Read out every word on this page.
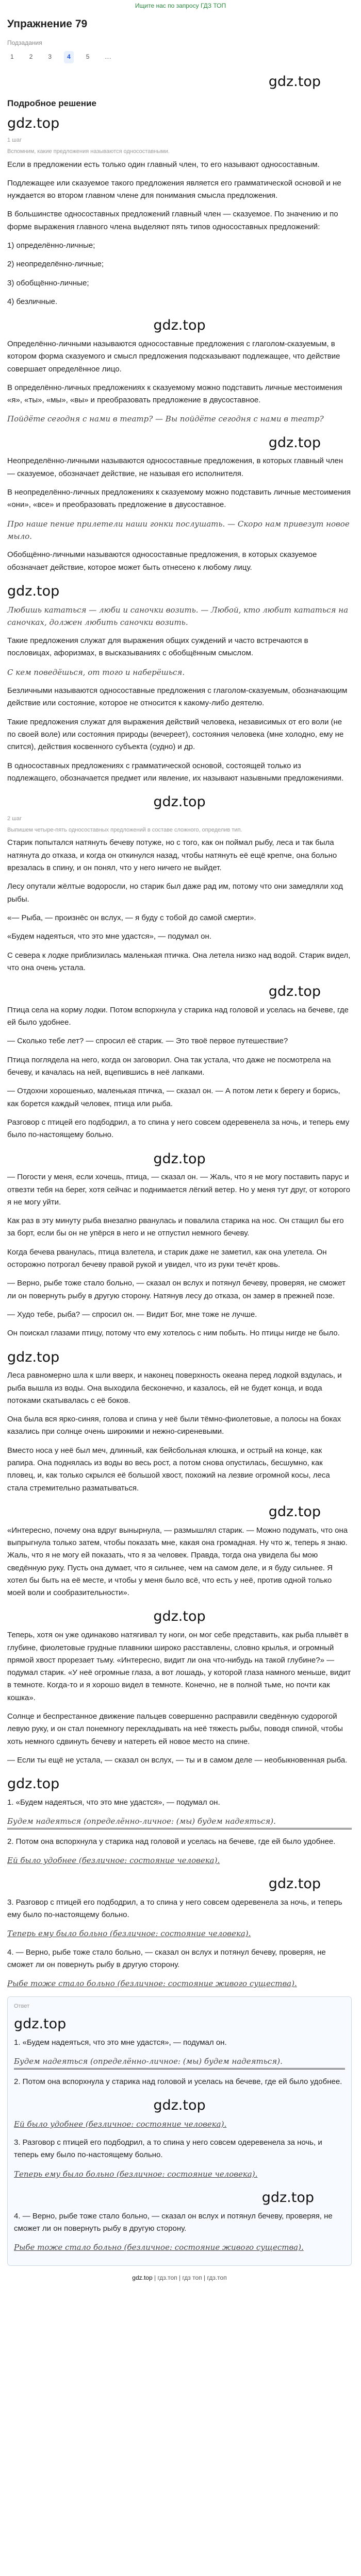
Ищите нас по запросу ГДЗ ТОП
Упражнение 79
Подзадания
1	2	3	4	5	...
gdz.top
Подробное решение
gdz.top
1 шаг
Вспомним, какие предложения называются односоставными.

Если в предложении есть только один главный член, то его называют односоставным.

Подлежащее или сказуемое такого предложения является его грамматической основой и не нуждается во втором главном члене для понимания смысла предложения.

В большинстве односоставных предложений главный член — сказуемое. По значению и по форме выражения главного члена выделяют пять типов односоставных предложений:

1) определённо-личные;

2) неопределённо-личные;

3) обобщённо-личные;

4) безличные.

gdz.top

Определённо-личными называются односоставные предложения с глаголом-сказуемым, в котором форма сказуемого и смысл предложения подсказывают подлежащее, что действие совершает определённое лицо.

В определённо-личных предложениях к сказуемому можно подставить личные местоимения «я», «ты», «мы», «вы» и преобразовать предложение в двусоставное.

Пойдёте сегодня с нами в театр? — Вы пойдёте сегодня с нами в театр?

gdz.top

Неопределённо-личными называются односоставные предложения, в которых главный член — сказуемое, обозначает действие, не называя его исполнителя.

В неопределённо-личных предложениях к сказуемому можно подставить личные местоимения «они», «все» и преобразовать предложение в двусоставное.

Про наше пение прилетели наши гонки послушать. — Скоро нам привезут новое мыло.

Обобщённо-личными называются односоставные предложения, в которых сказуемое обозначает действие, которое может быть отнесено к любому лицу.

gdz.top

Любишь кататься — люби и саночки возить. — Любой, кто любит кататься на саночках, должен любить саночки возить.

Такие предложения служат для выражения общих суждений и часто встречаются в пословицах, афоризмах, в высказываниях с обобщённым смыслом.

С кем поведёшься, от того и наберёшься.

Безличными называются односоставные предложения с глаголом-сказуемым, обозначающим действие или состояние, которое не относится к какому-либо деятелю.

Такие предложения служат для выражения действий человека, независимых от его воли (не по своей воле) или состояния природы (вечереет), состояния человека (мне холодно, ему не спится), действия косвенного субъекта (судно) и др.

В односоставных предложениях с грамматической основой, состоящей только из подлежащего, обозначается предмет или явление, их называют назывными предложениями.

gdz.top
2 шаг
Выпишем четыре-пять односоставных предложений в составе сложного, определив тип.

Старик попытался натянуть бечеву потуже, но с того, как он поймал рыбу, леса и так была натянута до отказа, и когда он откинулся назад, чтобы натянуть её ещё крепче, она больно врезалась в спину, и он понял, что у него ничего не выйдет.

Лесу опутали жёлтые водоросли, но старик был даже рад им, потому что они замедляли ход рыбы.

«— Рыба, — произнёс он вслух, — я буду с тобой до самой смерти».

«Будем надеяться, что это мне удастся», — подумал он.

С севера к лодке приблизилась маленькая птичка. Она летела низко над водой. Старик видел, что она очень устала.

gdz.top

Птица села на корму лодки. Потом вспорхнула у старика над головой и уселась на бечеве, где ей было удобнее.

— Сколько тебе лет? — спросил её старик. — Это твоё первое путешествие?

Птица поглядела на него, когда он заговорил. Она так устала, что даже не посмотрела на бечеву, и качалась на ней, вцепившись в неё лапками.

— Отдохни хорошенько, маленькая птичка, — сказал он. — А потом лети к берегу и борись, как борется каждый человек, птица или рыба.

Разговор с птицей его подбодрил, а то спина у него совсем одеревенела за ночь, и теперь ему было по-настоящему больно.

gdz.top

— Погости у меня, если хочешь, птица, — сказал он. — Жаль, что я не могу поставить парус и отвезти тебя на берег, хотя сейчас и поднимается лёгкий ветер. Но у меня тут друг, от которого я не могу уйти.

Как раз в эту минуту рыба внезапно рванулась и повалила старика на нос. Он стащил бы его за борт, если бы он не упёрся в него и не отпустил немного бечеву.

Когда бечева рванулась, птица взлетела, и старик даже не заметил, как она улетела. Он осторожно потрогал бечеву правой рукой и увидел, что из руки течёт кровь.

— Верно, рыбе тоже стало больно, — сказал он вслух и потянул бечеву, проверяя, не сможет ли он повернуть рыбу в другую сторону. Натянув лесу до отказа, он замер в прежней позе.

— Худо тебе, рыба? — спросил он. — Видит Бог, мне тоже не лучше.

Он поискал глазами птицу, потому что ему хотелось с ним побыть. Но птицы нигде не было.

gdz.top

Леса равномерно шла к шли вверх, и наконец поверхность океана перед лодкой вздулась, и рыба вышла из воды. Она выходила бесконечно, и казалось, ей не будет конца, и вода потоками скатывалась с её боков.

Она была вся ярко-синяя, голова и спина у неё были тёмно-фиолетовые, а полосы на боках казались при солнце очень широкими и нежно-сиреневыми.

Вместо носа у неё был меч, длинный, как бейсбольная клюшка, и острый на конце, как рапира. Она поднялась из воды во весь рост, а потом снова опустилась, бесшумно, как пловец, и, как только скрылся её большой хвост, похожий на лезвие огромной косы, леса стала стремительно разматываться.

gdz.top

«Интересно, почему она вдруг вынырнула, — размышлял старик. — Можно подумать, что она выпрыгнула только затем, чтобы показать мне, какая она громадная. Ну что ж, теперь я знаю. Жаль, что я не могу ей показать, что я за человек. Правда, тогда она увидела бы мою сведённую руку. Пусть она думает, что я сильнее, чем на самом деле, и я буду сильнее. Я хотел бы быть на её месте, и чтобы у меня было всё, что есть у неё, против одной только моей воли и сообразительности».

gdz.top

Теперь, хотя он уже одинаково натягивал ту ноги, он мог себе представить, как рыба плывёт в глубине, фиолетовые грудные плавники широко расставлены, словно крылья, и огромный прямой хвост прорезает тьму. «Интересно, видит ли она что-нибудь на такой глубине?» — подумал старик. «У неё огромные глаза, а вот лошадь, у которой глаза намного меньше, видит в темноте. Когда-то и я хорошо видел в темноте. Конечно, не в полной тьме, но почти как кошка».

Солнце и беспрестанное движение пальцев совершенно расправили сведённую судорогой левую руку, и он стал понемногу перекладывать на неё тяжесть рыбы, поводя спиной, чтобы хоть немного сдвинуть бечеву и натереть ей новое место на спине.

— Если ты ещё не устала, — сказал он вслух, — ты и в самом деле — необыкновенная рыба.

gdz.top

1. «Будем надеяться, что это мне удастся», — подумал он.

Будем надеяться (определённо-личное: (мы) будем надеяться).

2. Потом она вспорхнула у старика над головой и уселась на бечеве, где ей было удобнее.

Ей было удобнее (безличное: состояние человека).

gdz.top

3. Разговор с птицей его подбодрил, а то спина у него совсем одеревенела за ночь, и теперь ему было по-настоящему больно.

Теперь ему было больно (безличное: состояние человека).

4. — Верно, рыбе тоже стало больно, — сказал он вслух и потянул бечеву, проверяя, не сможет ли он повернуть рыбу в другую сторону.

Рыбе тоже стало больно (безличное: состояние живого существа).

Ответ
gdz.top

1. «Будем надеяться, что это мне удастся», — подумал он.

Будем надеяться (определённо-личное: (мы) будем надеяться).

2. Потом она вспорхнула у старика над головой и уселась на бечеве, где ей было удобнее.

gdz.top

Ей было удобнее (безличное: состояние человека).

3. Разговор с птицей его подбодрил, а то спина у него совсем одеревенела за ночь, и теперь ему было по-настоящему больно.

Теперь ему было больно (безличное: состояние человека).

gdz.top

4. — Верно, рыбе тоже стало больно, — сказал он вслух и потянул бечеву, проверяя, не сможет ли он повернуть рыбу в другую сторону.

Рыбе тоже стало больно (безличное: состояние живого существа).

gdz.top | гдз.топ | гдз топ | гдз.топ
